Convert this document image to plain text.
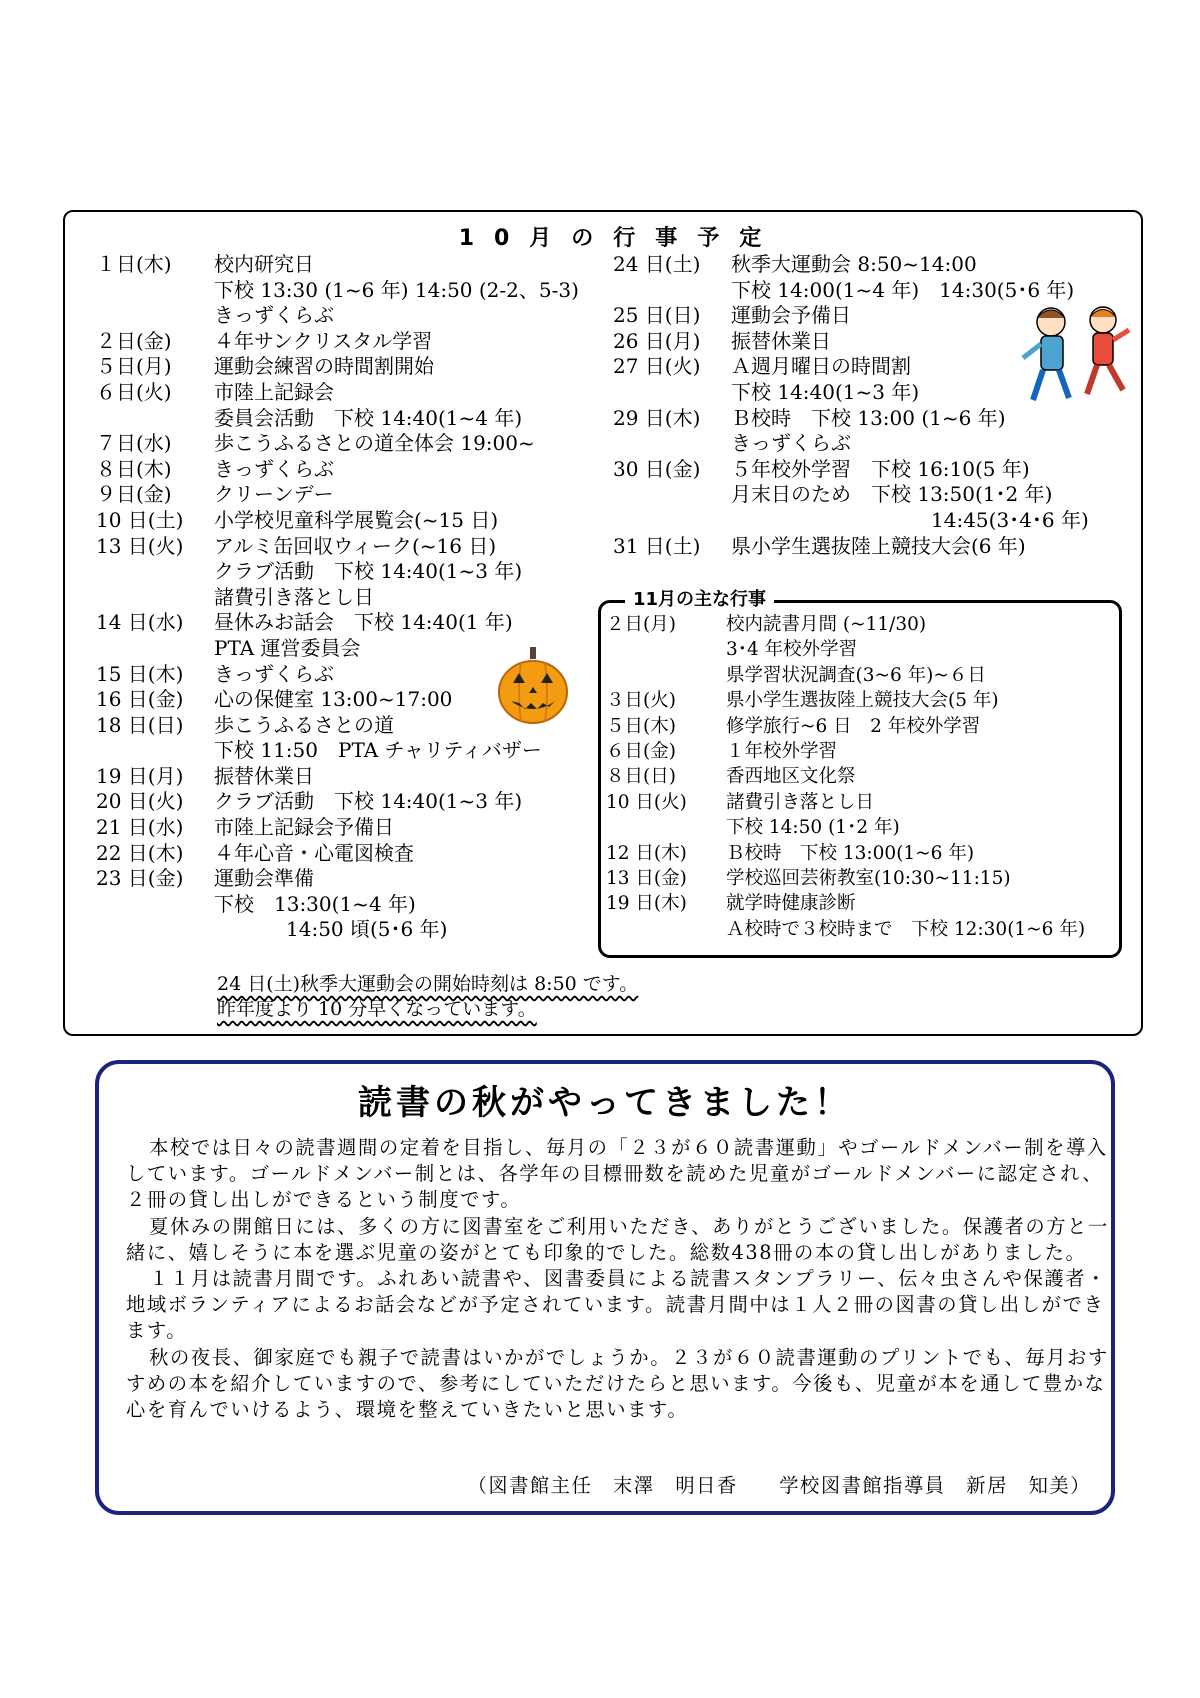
10月の行事予定
１日(木)	校内研究日
下校 13:30 (1~6 年) 14:50 (2-2、5-3)
きっずくらぶ
２日(金)	４年サンクリスタル学習
５日(月)	運動会練習の時間割開始
６日(火)	市陸上記録会
委員会活動　下校 14:40(1~4 年)
７日(水)	歩こうふるさとの道全体会 19:00~
８日(木)	きっずくらぶ
９日(金)	クリーンデー
10 日(土)	小学校児童科学展覧会(~15 日)
13 日(火)	アルミ缶回収ウィーク(~16 日)
クラブ活動　下校 14:40(1~3 年)
諸費引き落とし日
14 日(水)	昼休みお話会　下校 14:40(1 年)
PTA 運営委員会
15 日(木)	きっずくらぶ
16 日(金)	心の保健室 13:00~17:00
18 日(日)	歩こうふるさとの道
下校 11:50　PTA チャリティバザー
19 日(月)	振替休業日
20 日(火)	クラブ活動　下校 14:40(1~3 年)
21 日(水)	市陸上記録会予備日
22 日(木)	４年心音・心電図検査
23 日(金)	運動会準備
下校　13:30(1~4 年)
14:50 頃(5･6 年)
24 日(土)	秋季大運動会 8:50~14:00
下校 14:00(1~4 年)　14:30(5･6 年)
25 日(日)	運動会予備日
26 日(月)	振替休業日
27 日(火)	Ａ週月曜日の時間割
下校 14:40(1~3 年)
29 日(木)	Ｂ校時　下校 13:00 (1~6 年)
きっずくらぶ
30 日(金)	５年校外学習　下校 16:10(5 年)
月末日のため　下校 13:50(1･2 年)
14:45(3･4･6 年)
31 日(土)	県小学生選抜陸上競技大会(6 年)
11月の主な行事
２日(月)	校内読書月間 (~11/30)
3･4 年校外学習
県学習状況調査(3~6 年)~６日
３日(火)	県小学生選抜陸上競技大会(5 年)
５日(木)	修学旅行~6 日　2 年校外学習
６日(金)	１年校外学習
８日(日)	香西地区文化祭
10 日(火)	諸費引き落とし日
下校 14:50 (1･2 年)
12 日(木)	Ｂ校時　下校 13:00(1~6 年)
13 日(金)	学校巡回芸術教室(10:30~11:15)
19 日(木)	就学時健康診断
Ａ校時で３校時まで　下校 12:30(1~6 年)
24 日(土)秋季大運動会の開始時刻は 8:50 です。
昨年度より 10 分早くなっています。
読書の秋がやってきました！

本校では日々の読書週間の定着を目指し、毎月の「２３が６０読書運動」やゴールドメンバー制を導入しています。ゴールドメンバー制とは、各学年の目標冊数を読めた児童がゴールドメンバーに認定され、２冊の貸し出しができるという制度です。

夏休みの開館日には、多くの方に図書室をご利用いただき、ありがとうございました。保護者の方と一緒に、嬉しそうに本を選ぶ児童の姿がとても印象的でした。総数438冊の本の貸し出しがありました。

１１月は読書月間です。ふれあい読書や、図書委員による読書スタンプラリー、伝々虫さんや保護者・地域ボランティアによるお話会などが予定されています。読書月間中は１人２冊の図書の貸し出しができます。

秋の夜長、御家庭でも親子で読書はいかがでしょうか。２３が６０読書運動のプリントでも、毎月おすすめの本を紹介していますので、参考にしていただけたらと思います。今後も、児童が本を通して豊かな心を育んでいけるよう、環境を整えていきたいと思います。

（図書館主任　末澤　明日香　　学校図書館指導員　新居　知美）
